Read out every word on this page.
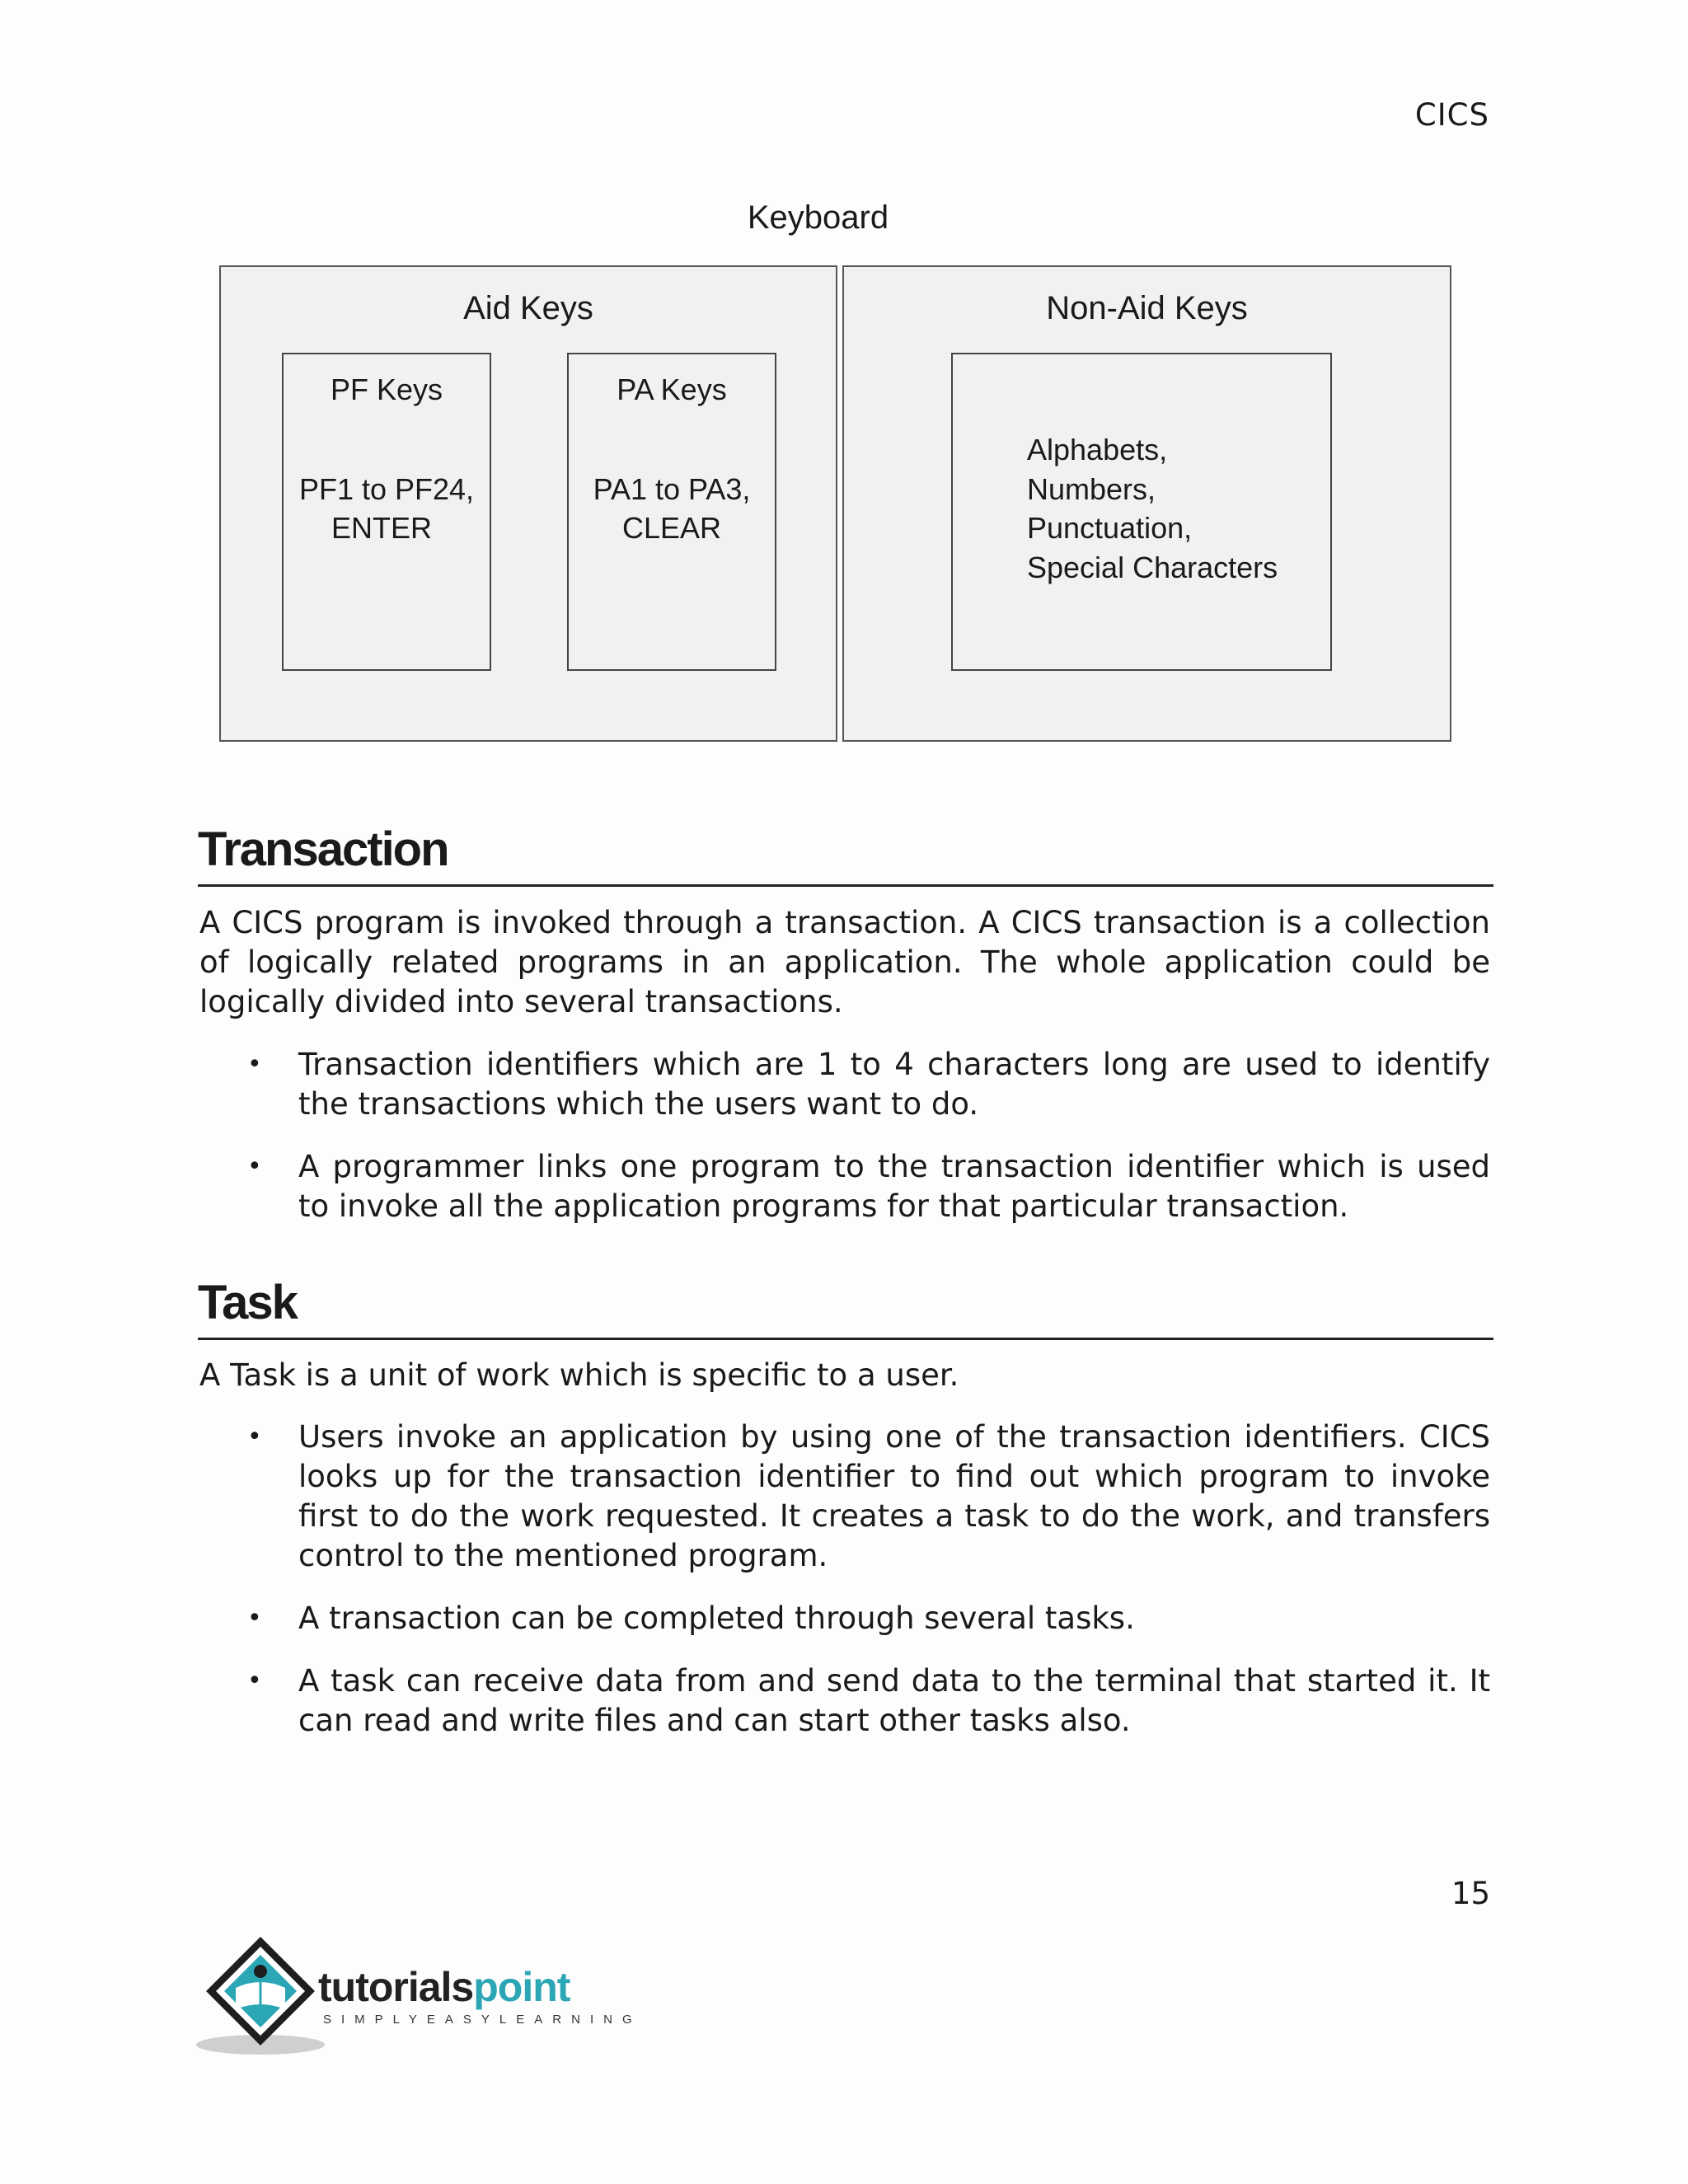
CICS
Keyboard
Aid Keys
PF Keys
PF1 to PF24,
ENTER
PA Keys
PA1 to PA3,
CLEAR
Non-Aid Keys
Alphabets,
Numbers,
Punctuation,
Special Characters
Transaction

A CICS program is invoked through a transaction. A CICS transaction is a collection of logically related programs in an application. The whole application could be logically divided into several transactions.

• Transaction identifiers which are 1 to 4 characters long are used to identify the transactions which the users want to do.
• A programmer links one program to the transaction identifier which is used to invoke all the application programs for that particular transaction.
Task

A Task is a unit of work which is specific to a user.

• Users invoke an application by using one of the transaction identifiers. CICS looks up for the transaction identifier to find out which program to invoke first to do the work requested. It creates a task to do the work, and transfers control to the mentioned program.
• A transaction can be completed through several tasks.
• A task can receive data from and send data to the terminal that started it. It can read and write files and can start other tasks also.
15
tutorialspoint
SIMPLYEASYLEARNING
